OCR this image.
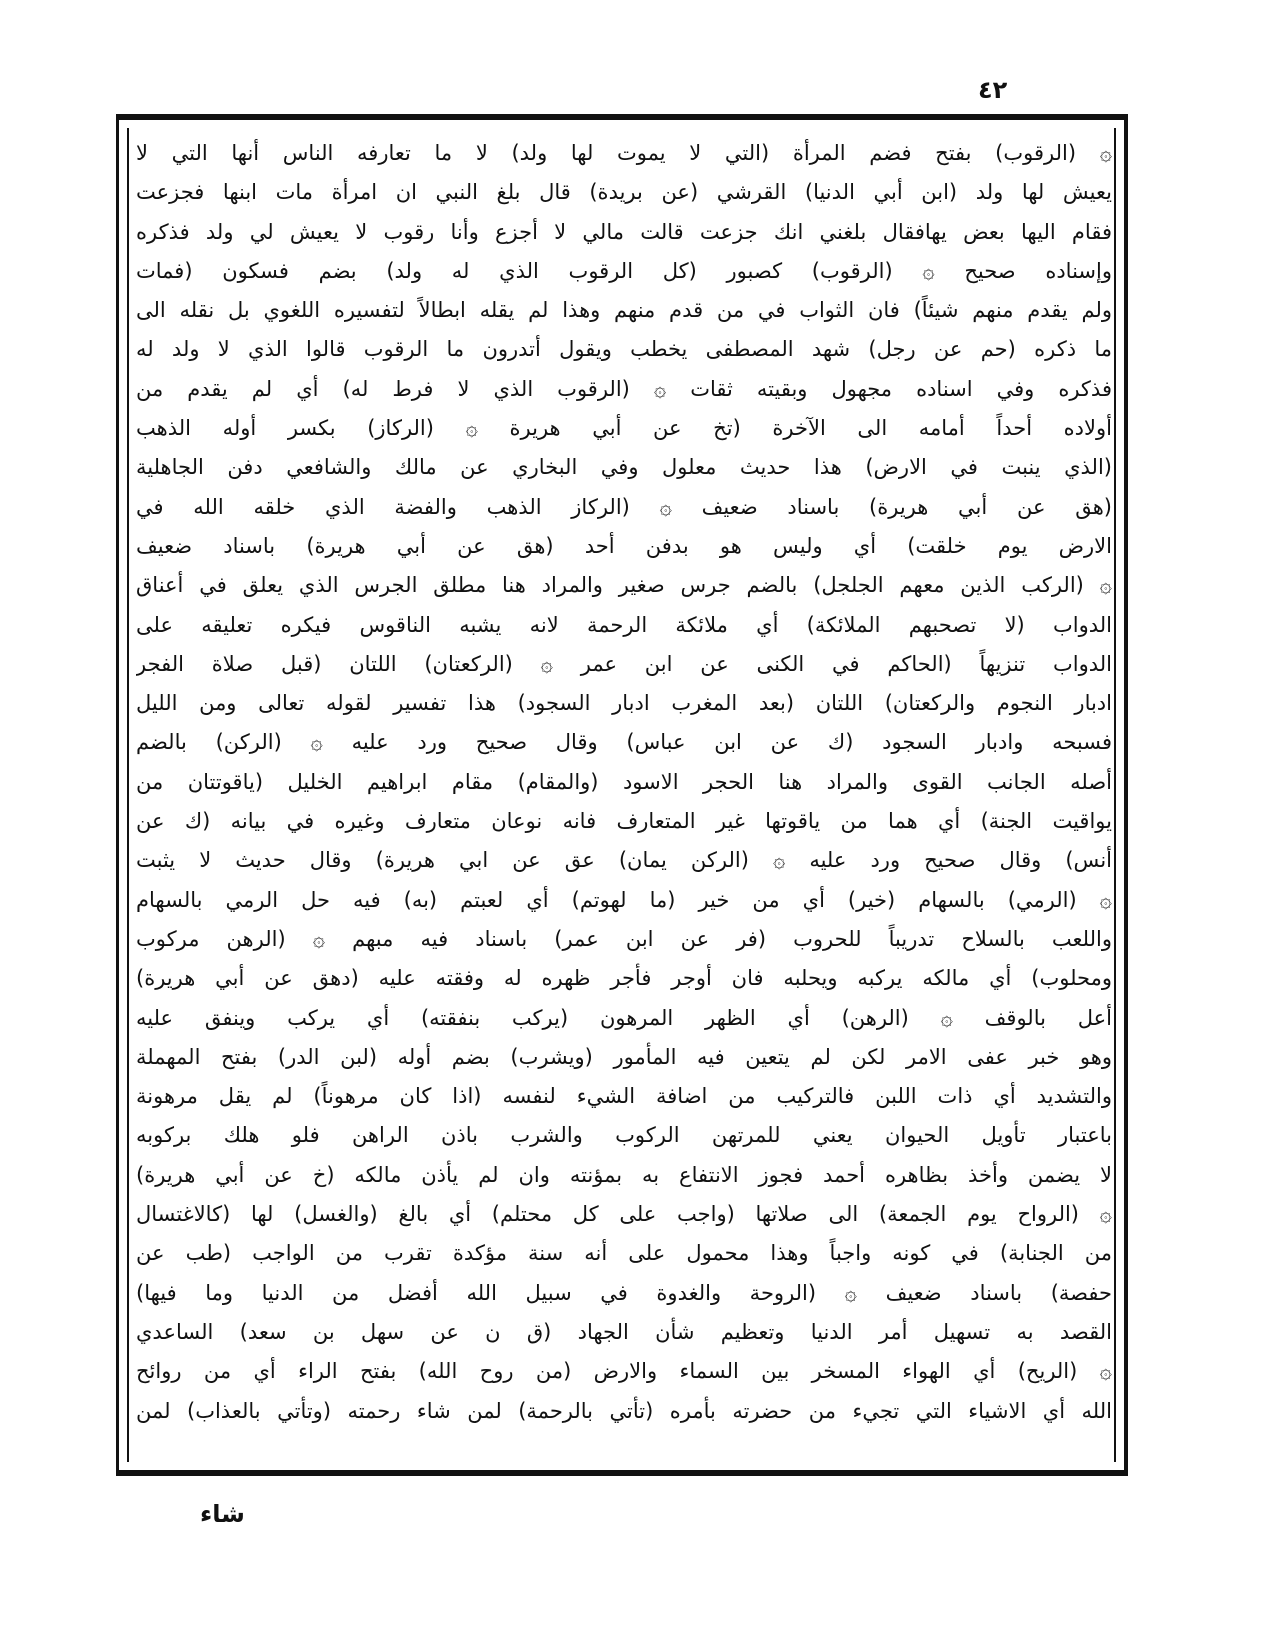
٤٢
۞ (الرقوب) بفتح فضم المرأة (التي لا يموت لها ولد) لا ما تعارفه الناس أنها التي لا
يعيش لها ولد (ابن أبي الدنيا) القرشي (عن بريدة) قال بلغ النبي ان امرأة مات ابنها فجزعت
فقام اليها بعض يهافقال بلغني انك جزعت قالت مالي لا أجزع وأنا رقوب لا يعيش لي ولد فذكره
وإسناده صحيح ۞ (الرقوب) كصبور (كل الرقوب الذي له ولد) بضم فسكون (فمات
ولم يقدم منهم شيئاً) فان الثواب في من قدم منهم وهذا لم يقله ابطالاً لتفسيره اللغوي بل نقله الى
ما ذكره (حم عن رجل) شهد المصطفى يخطب ويقول أتدرون ما الرقوب قالوا الذي لا ولد له
فذكره وفي اسناده مجهول وبقيته ثقات ۞ (الرقوب الذي لا فرط له) أي لم يقدم من
أولاده أحداً أمامه الى الآخرة (تخ عن أبي هريرة ۞ (الركاز) بكسر أوله الذهب
(الذي ينبت في الارض) هذا حديث معلول وفي البخاري عن مالك والشافعي دفن الجاهلية
(هق عن أبي هريرة) باسناد ضعيف ۞ (الركاز الذهب والفضة الذي خلقه الله في
الارض يوم خلقت) أي وليس هو بدفن أحد (هق عن أبي هريرة) باسناد ضعيف
۞ (الركب الذين معهم الجلجل) بالضم جرس صغير والمراد هنا مطلق الجرس الذي يعلق في أعناق
الدواب (لا تصحبهم الملائكة) أي ملائكة الرحمة لانه يشبه الناقوس فيكره تعليقه على
الدواب تنزيهاً (الحاكم في الكنى عن ابن عمر ۞ (الركعتان) اللتان (قبل صلاة الفجر
ادبار النجوم والركعتان) اللتان (بعد المغرب ادبار السجود) هذا تفسير لقوله تعالى ومن الليل
فسبحه وادبار السجود (ك عن ابن عباس) وقال صحيح ورد عليه ۞ (الركن) بالضم
أصله الجانب القوى والمراد هنا الحجر الاسود (والمقام) مقام ابراهيم الخليل (ياقوتتان من
يواقيت الجنة) أي هما من ياقوتها غير المتعارف فانه نوعان متعارف وغيره في بيانه (ك عن
أنس) وقال صحيح ورد عليه ۞ (الركن يمان) عق عن ابي هريرة) وقال حديث لا يثبت
۞ (الرمي) بالسهام (خير) أي من خير (ما لهوتم) أي لعبتم (به) فيه حل الرمي بالسهام
واللعب بالسلاح تدريباً للحروب (فر عن ابن عمر) باسناد فيه مبهم ۞ (الرهن مركوب
ومحلوب) أي مالكه يركبه ويحلبه فان أوجر فأجر ظهره له وفقته عليه (دهق عن أبي هريرة)
أعل بالوقف ۞ (الرهن) أي الظهر المرهون (يركب بنفقته) أي يركب وينفق عليه
وهو خبر عفى الامر لكن لم يتعين فيه المأمور (ويشرب) بضم أوله (لبن الدر) بفتح المهملة
والتشديد أي ذات اللبن فالتركيب من اضافة الشيء لنفسه (اذا كان مرهوناً) لم يقل مرهونة
باعتبار تأويل الحيوان يعني للمرتهن الركوب والشرب باذن الراهن فلو هلك بركوبه
لا يضمن وأخذ بظاهره أحمد فجوز الانتفاع به بمؤنته وان لم يأذن مالكه (خ عن أبي هريرة)
۞ (الرواح يوم الجمعة) الى صلاتها (واجب على كل محتلم) أي بالغ (والغسل) لها (كالاغتسال
من الجنابة) في كونه واجباً وهذا محمول على أنه سنة مؤكدة تقرب من الواجب (طب عن
حفصة) باسناد ضعيف ۞ (الروحة والغدوة في سبيل الله أفضل من الدنيا وما فيها)
القصد به تسهيل أمر الدنيا وتعظيم شأن الجهاد (ق ن عن سهل بن سعد) الساعدي
۞ (الريح) أي الهواء المسخر بين السماء والارض (من روح الله) بفتح الراء أي من روائح
الله أي الاشياء التي تجيء من حضرته بأمره (تأتي بالرحمة) لمن شاء رحمته (وتأتي بالعذاب) لمن
شاء
